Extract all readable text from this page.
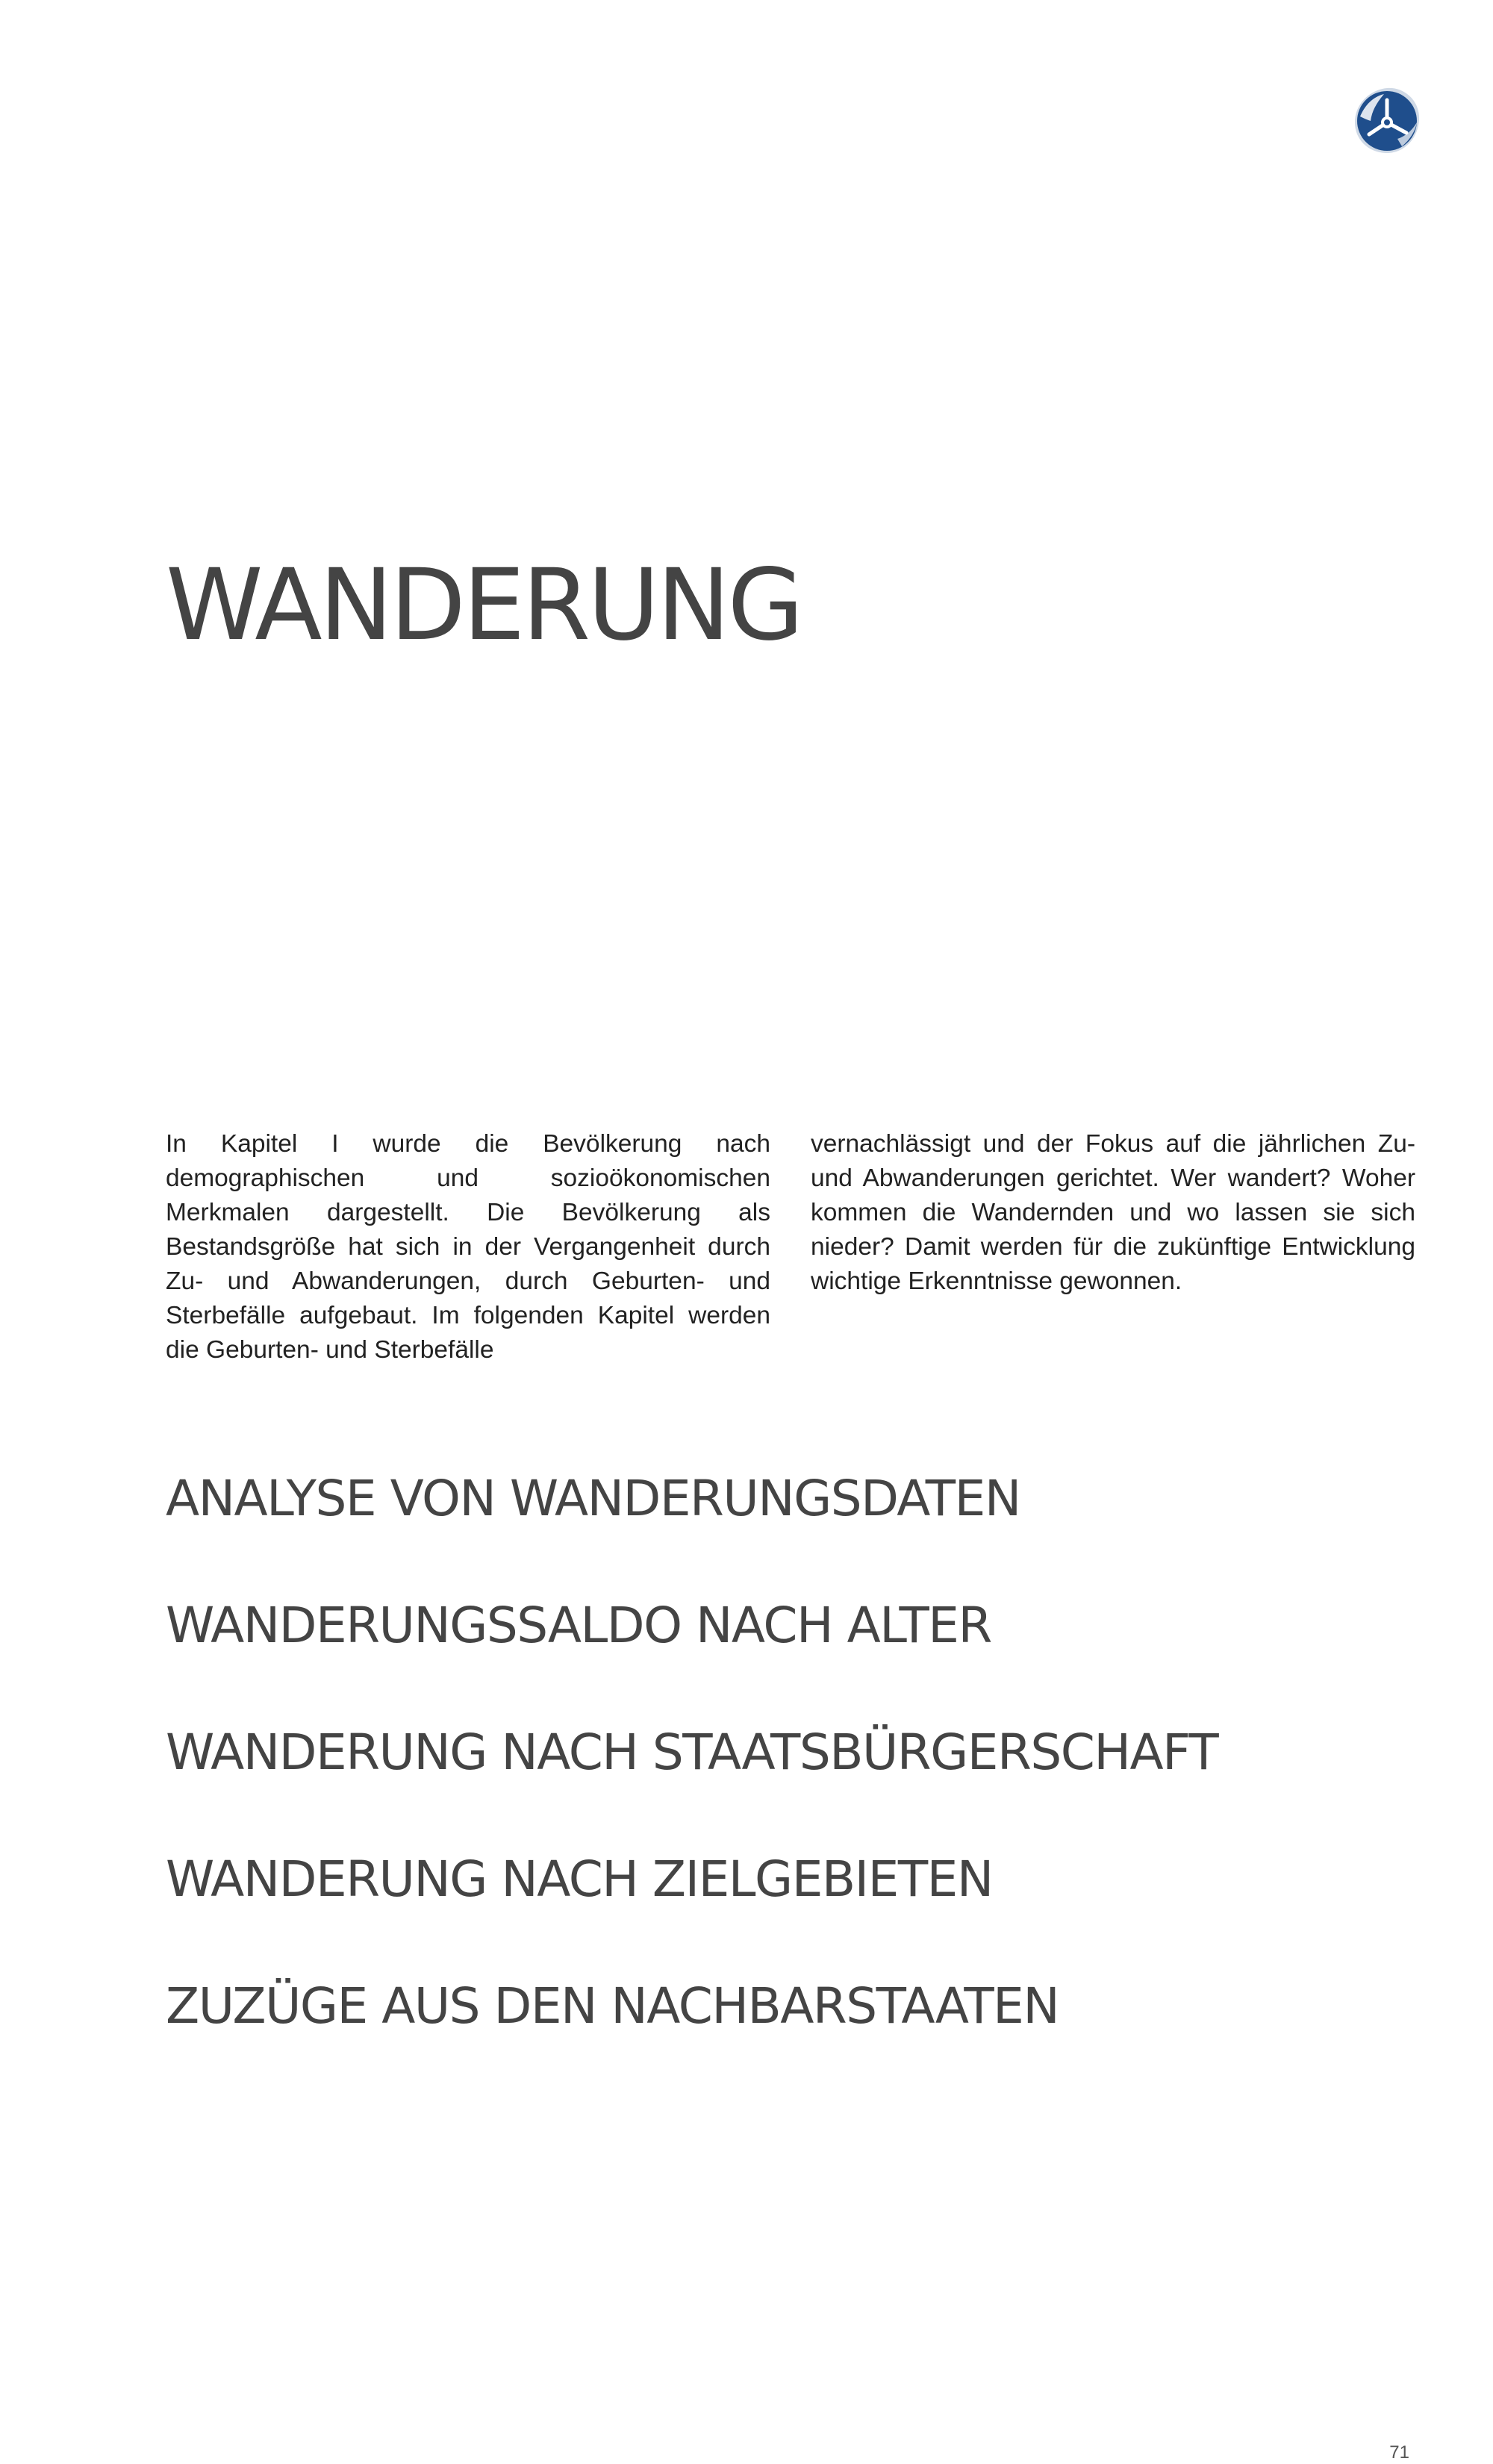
WANDERUNG

In Kapitel I wurde die Bevölkerung nach demographischen und sozioökonomischen Merkmalen dargestellt. Die Bevölkerung als Bestandsgröße hat sich in der Vergangenheit durch Zu- und Abwanderungen, durch Geburten- und Sterbefälle aufgebaut. Im folgenden Kapitel werden die Geburten- und Sterbefälle

vernachlässigt und der Fokus auf die jährlichen Zu- und Abwanderungen gerichtet. Wer wandert? Woher kommen die Wandernden und wo lassen sie sich nieder? Damit werden für die zukünftige Entwicklung wichtige Erkenntnisse gewonnen.

ANALYSE VON WANDERUNGSDATEN
WANDERUNGSSALDO NACH ALTER
WANDERUNG NACH STAATSBÜRGERSCHAFT
WANDERUNG NACH ZIELGEBIETEN
ZUZÜGE AUS DEN NACHBARSTAATEN
71
